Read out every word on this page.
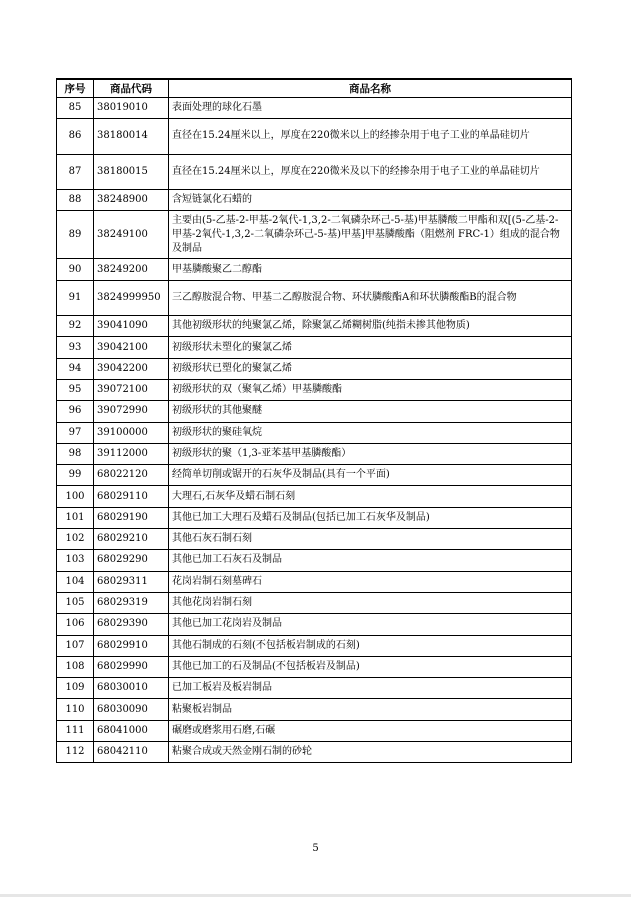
序号	商品代码	商品名称
85	38019010	表面处理的球化石墨
86	38180014	直径在15.24厘米以上，厚度在220微米以上的经掺杂用于电子工业的单晶硅切片
87	38180015	直径在15.24厘米以上，厚度在220微米及以下的经掺杂用于电子工业的单晶硅切片
88	38248900	含短链氯化石蜡的
89	38249100	主要由(5-乙基-2-甲基-2氧代-1,3,2-二氧磷杂环己-5-基)甲基膦酸二甲酯和双[(5-乙基-2-甲基-2氧代-1,3,2-二氧磷杂环己-5-基)甲基]甲基膦酸酯（阻燃剂 FRC-1）组成的混合物及制品
90	38249200	甲基膦酸聚乙二醇酯
91	3824999950	三乙醇胺混合物、甲基二乙醇胺混合物、环状膦酸酯A和环状膦酸酯B的混合物
92	39041090	其他初级形状的纯聚氯乙烯，除聚氯乙烯糊树脂(纯指未掺其他物质)
93	39042100	初级形状未塑化的聚氯乙烯
94	39042200	初级形状已塑化的聚氯乙烯
95	39072100	初级形状的双（聚氧乙烯）甲基膦酸酯
96	39072990	初级形状的其他聚醚
97	39100000	初级形状的聚硅氧烷
98	39112000	初级形状的聚（1,3-亚苯基甲基膦酸酯）
99	68022120	经简单切削或锯开的石灰华及制品(具有一个平面)
100	68029110	大理石,石灰华及蜡石制石刻
101	68029190	其他已加工大理石及蜡石及制品(包括已加工石灰华及制品)
102	68029210	其他石灰石制石刻
103	68029290	其他已加工石灰石及制品
104	68029311	花岗岩制石刻墓碑石
105	68029319	其他花岗岩制石刻
106	68029390	其他已加工花岗岩及制品
107	68029910	其他石制成的石刻(不包括板岩制成的石刻)
108	68029990	其他已加工的石及制品(不包括板岩及制品)
109	68030010	已加工板岩及板岩制品
110	68030090	粘聚板岩制品
111	68041000	碾磨或磨浆用石磨,石碾
112	68042110	粘聚合成或天然金刚石制的砂轮
5
